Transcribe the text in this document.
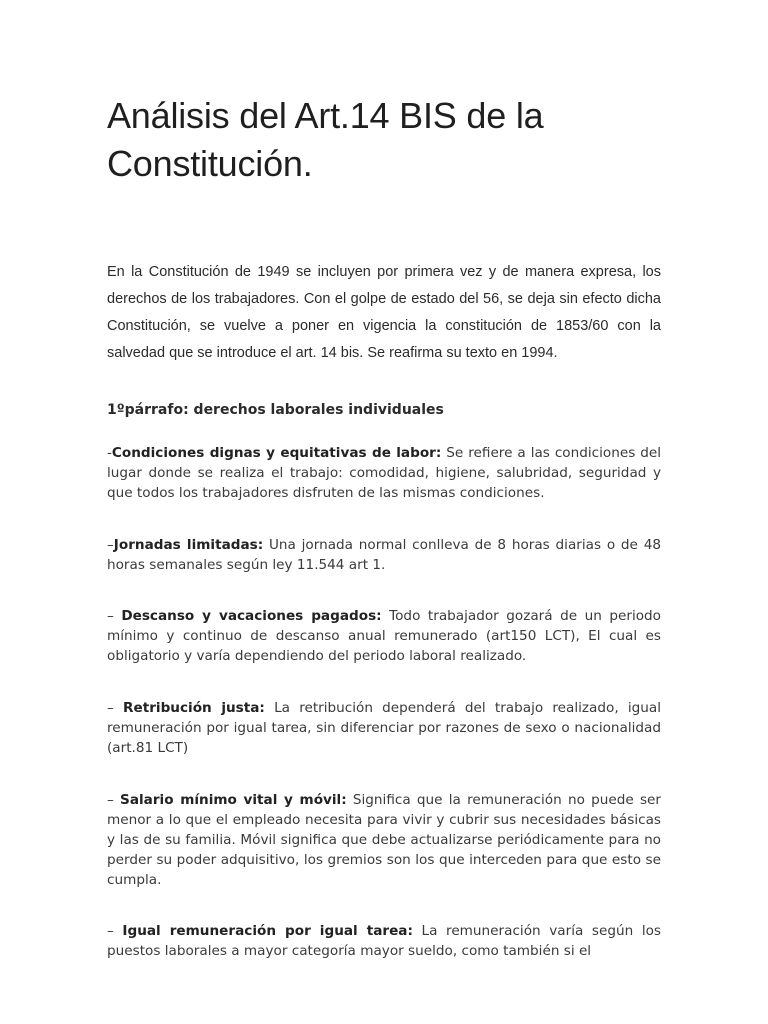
Análisis del Art.14 BIS de la Constitución.

En la Constitución de 1949 se incluyen por primera vez y de manera expresa, los derechos de los trabajadores. Con el golpe de estado del 56, se deja sin efecto dicha Constitución, se vuelve a poner en vigencia la constitución de 1853/60 con la salvedad que se introduce el art. 14 bis. Se reafirma su texto en 1994.

1ºpárrafo: derechos laborales individuales

-Condiciones dignas y equitativas de labor: Se refiere a las condiciones del lugar donde se realiza el trabajo: comodidad, higiene, salubridad, seguridad y que todos los trabajadores disfruten de las mismas condiciones.

–Jornadas limitadas: Una jornada normal conlleva de 8 horas diarias o de 48 horas semanales según ley 11.544 art 1.

– Descanso y vacaciones pagados: Todo trabajador gozará de un periodo mínimo y continuo de descanso anual remunerado (art150 LCT), El cual es obligatorio y varía dependiendo del periodo laboral realizado.

– Retribución justa: La retribución dependerá del trabajo realizado, igual remuneración por igual tarea, sin diferenciar por razones de sexo o nacionalidad (art.81 LCT)

– Salario mínimo vital y móvil: Significa que la remuneración no puede ser menor a lo que el empleado necesita para vivir y cubrir sus necesidades básicas y las de su familia. Móvil significa que debe actualizarse periódicamente para no perder su poder adquisitivo, los gremios son los que interceden para que esto se cumpla.

– Igual remuneración por igual tarea: La remuneración varía según los puestos laborales a mayor categoría mayor sueldo, como también si el
